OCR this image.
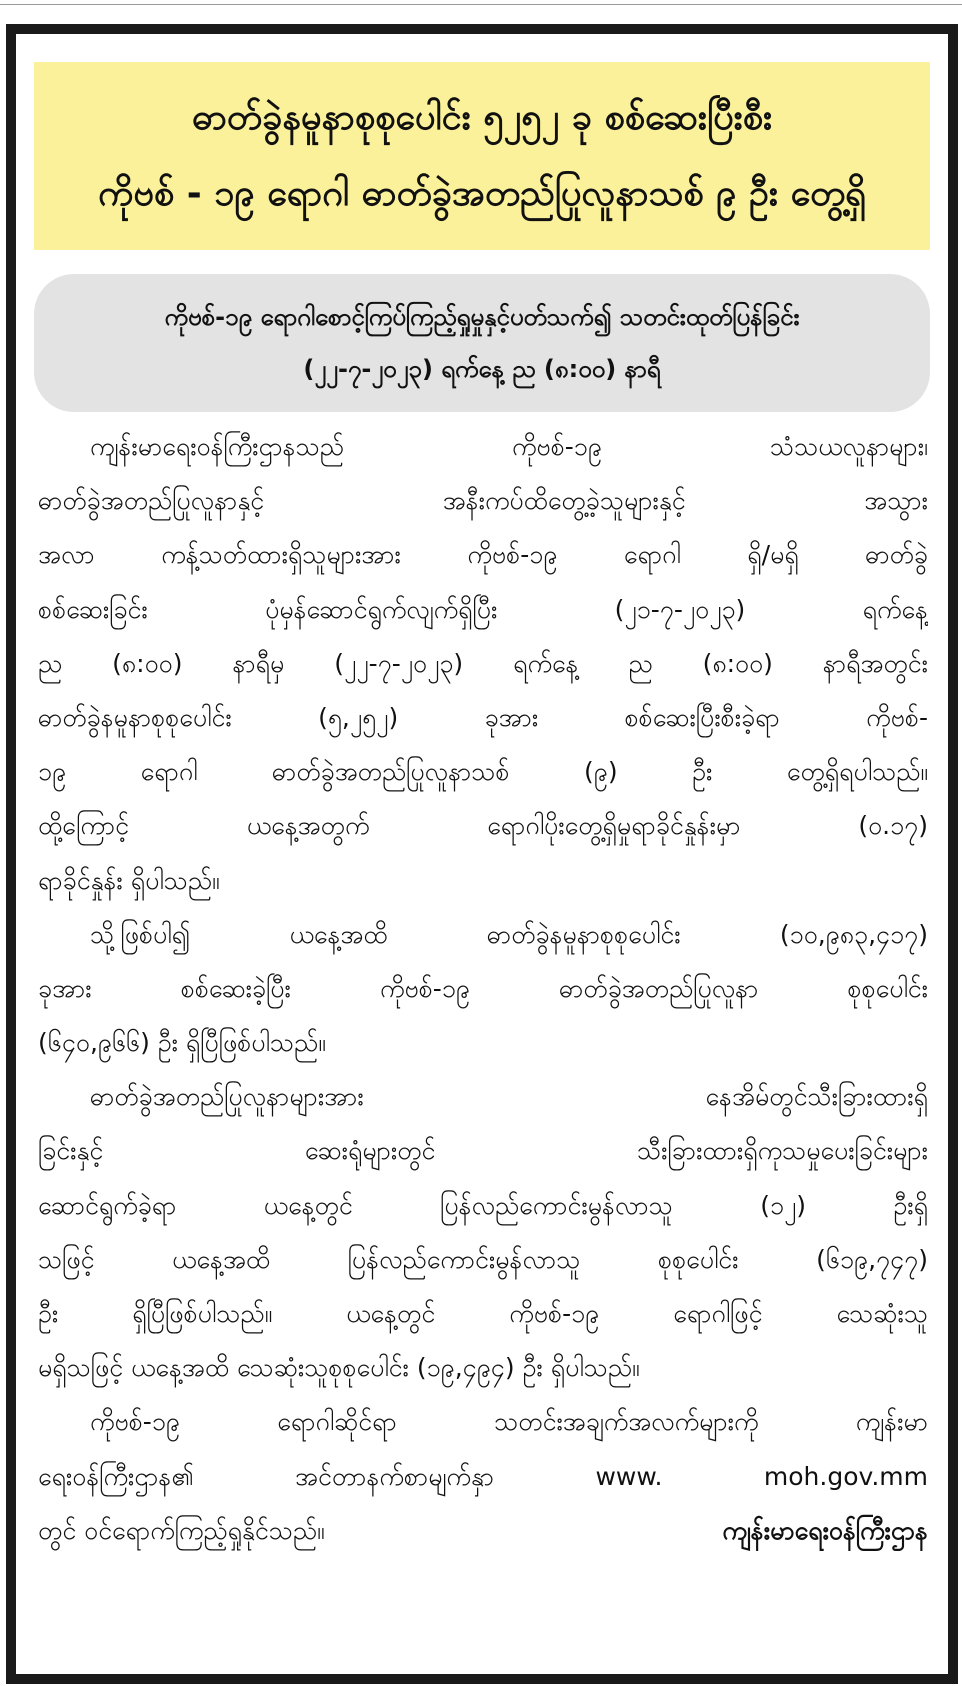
ဓာတ်ခွဲနမူနာစုစုပေါင်း ၅၂၅၂ ခု စစ်ဆေးပြီးစီး
ကိုဗစ် - ၁၉ ရောဂါ ဓာတ်ခွဲအတည်ပြုလူနာသစ် ၉ ဦး တွေ့ရှိ
ကိုဗစ်-၁၉ ရောဂါစောင့်ကြပ်ကြည့်ရှုမှုနှင့်ပတ်သက်၍ သတင်းထုတ်ပြန်ခြင်း
(၂၂-၇-၂၀၂၃) ရက်နေ့ ည (၈:၀၀) နာရီ
ကျန်းမာရေးဝန်ကြီးဌာနသည် ကိုဗစ်-၁၉ သံသယလူနာများ၊
ဓာတ်ခွဲအတည်ပြုလူနာနှင့် အနီးကပ်ထိတွေ့ခဲ့သူများနှင့် အသွား
အလာ ကန့်သတ်ထားရှိသူများအား ကိုဗစ်-၁၉ ရောဂါ ရှိ/မရှိ ဓာတ်ခွဲ
စစ်ဆေးခြင်း ပုံမှန်ဆောင်ရွက်လျက်ရှိပြီး (၂၁-၇-၂၀၂၃) ရက်နေ့
ည (၈:၀၀) နာရီမှ (၂၂-၇-၂၀၂၃) ရက်နေ့ ည (၈:၀၀) နာရီအတွင်း
ဓာတ်ခွဲနမူနာစုစုပေါင်း (၅,၂၅၂) ခုအား စစ်ဆေးပြီးစီးခဲ့ရာ ကိုဗစ်-
၁၉ ရောဂါ ဓာတ်ခွဲအတည်ပြုလူနာသစ် (၉) ဦး တွေ့ရှိရပါသည်။
ထို့ကြောင့် ယနေ့အတွက် ရောဂါပိုးတွေ့ရှိမှုရာခိုင်နှုန်းမှာ (၀.၁၇)
ရာခိုင်နှုန်း ရှိပါသည်။
သို့ဖြစ်ပါ၍ ယနေ့အထိ ဓာတ်ခွဲနမူနာစုစုပေါင်း (၁၀,၉၈၃,၄၁၇)
ခုအား စစ်ဆေးခဲ့ပြီး ကိုဗစ်-၁၉ ဓာတ်ခွဲအတည်ပြုလူနာ စုစုပေါင်း
(၆၄၀,၉၆၆) ဦး ရှိပြီဖြစ်ပါသည်။
ဓာတ်ခွဲအတည်ပြုလူနာများအား နေအိမ်တွင်သီးခြားထားရှိ
ခြင်းနှင့် ဆေးရုံများတွင် သီးခြားထားရှိကုသမှုပေးခြင်းများ
ဆောင်ရွက်ခဲ့ရာ ယနေ့တွင် ပြန်လည်ကောင်းမွန်လာသူ (၁၂) ဦးရှိ
သဖြင့် ယနေ့အထိ ပြန်လည်ကောင်းမွန်လာသူ စုစုပေါင်း (၆၁၉,၇၄၇)
ဦး ရှိပြီဖြစ်ပါသည်။ ယနေ့တွင် ကိုဗစ်-၁၉ ရောဂါဖြင့် သေဆုံးသူ
မရှိသဖြင့် ယနေ့အထိ သေဆုံးသူစုစုပေါင်း (၁၉,၄၉၄) ဦး ရှိပါသည်။
ကိုဗစ်-၁၉ ရောဂါဆိုင်ရာ သတင်းအချက်အလက်များကို ကျန်းမာ
ရေးဝန်ကြီးဌာန၏ အင်တာနက်စာမျက်နှာ www. moh.gov.mm
တွင် ဝင်ရောက်ကြည့်ရှုနိုင်သည်။	ကျန်းမာရေးဝန်ကြီးဌာန
